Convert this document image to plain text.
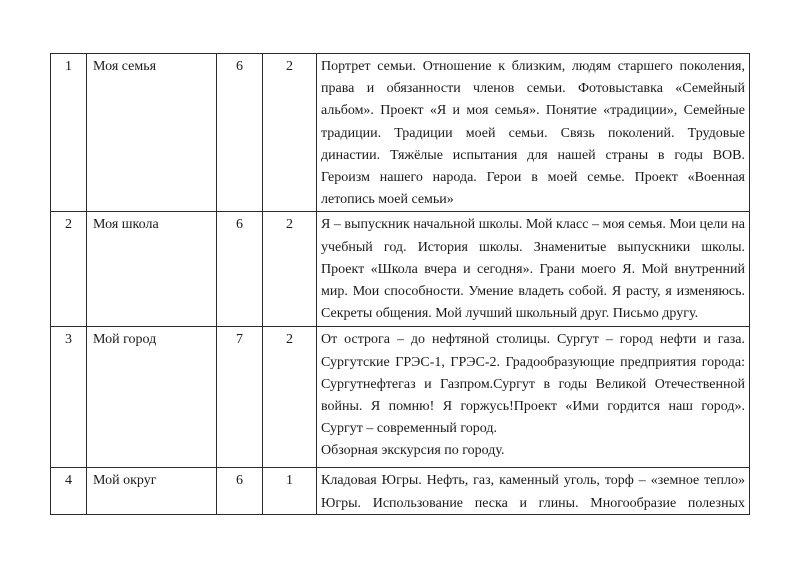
1	Моя семья	6	2	Портрет семьи. Отношение к близким, людям старшего поколения, права и обязанности членов семьи. Фотовыставка «Семейный альбом». Проект «Я и моя семья». Понятие «традиции», Семейные традиции. Традиции моей семьи. Связь поколений. Трудовые династии. Тяжёлые испытания для нашей страны в годы ВОВ. Героизм нашего народа. Герои в моей семье. Проект «Военная летопись моей семьи»

2	Моя школа	6	2	Я – выпускник начальной школы. Мой класс – моя семья. Мои цели на учебный год. История школы. Знаменитые выпускники школы. Проект «Школа вчера и сегодня». Грани моего Я. Мой внутренний мир. Мои способности. Умение владеть собой. Я расту, я изменяюсь. Секреты общения. Мой лучший школьный друг. Письмо другу.

3	Мой город	7	2	От острога – до нефтяной столицы. Сургут – город нефти и газа. Сургутские ГРЭС-1, ГРЭС-2. Градообразующие предприятия города: Сургутнефтегаз и Газпром.Сургут в годы Великой Отечественной войны. Я помню! Я горжусь!Проект «Ими гордится наш город». Сургут – современный город.

Обзорная экскурсия по городу.

4	Мой округ	6	1	Кладовая Югры. Нефть, газ, каменный уголь, торф – «земное тепло» Югры. Использование песка и глины. Многообразие полезных
